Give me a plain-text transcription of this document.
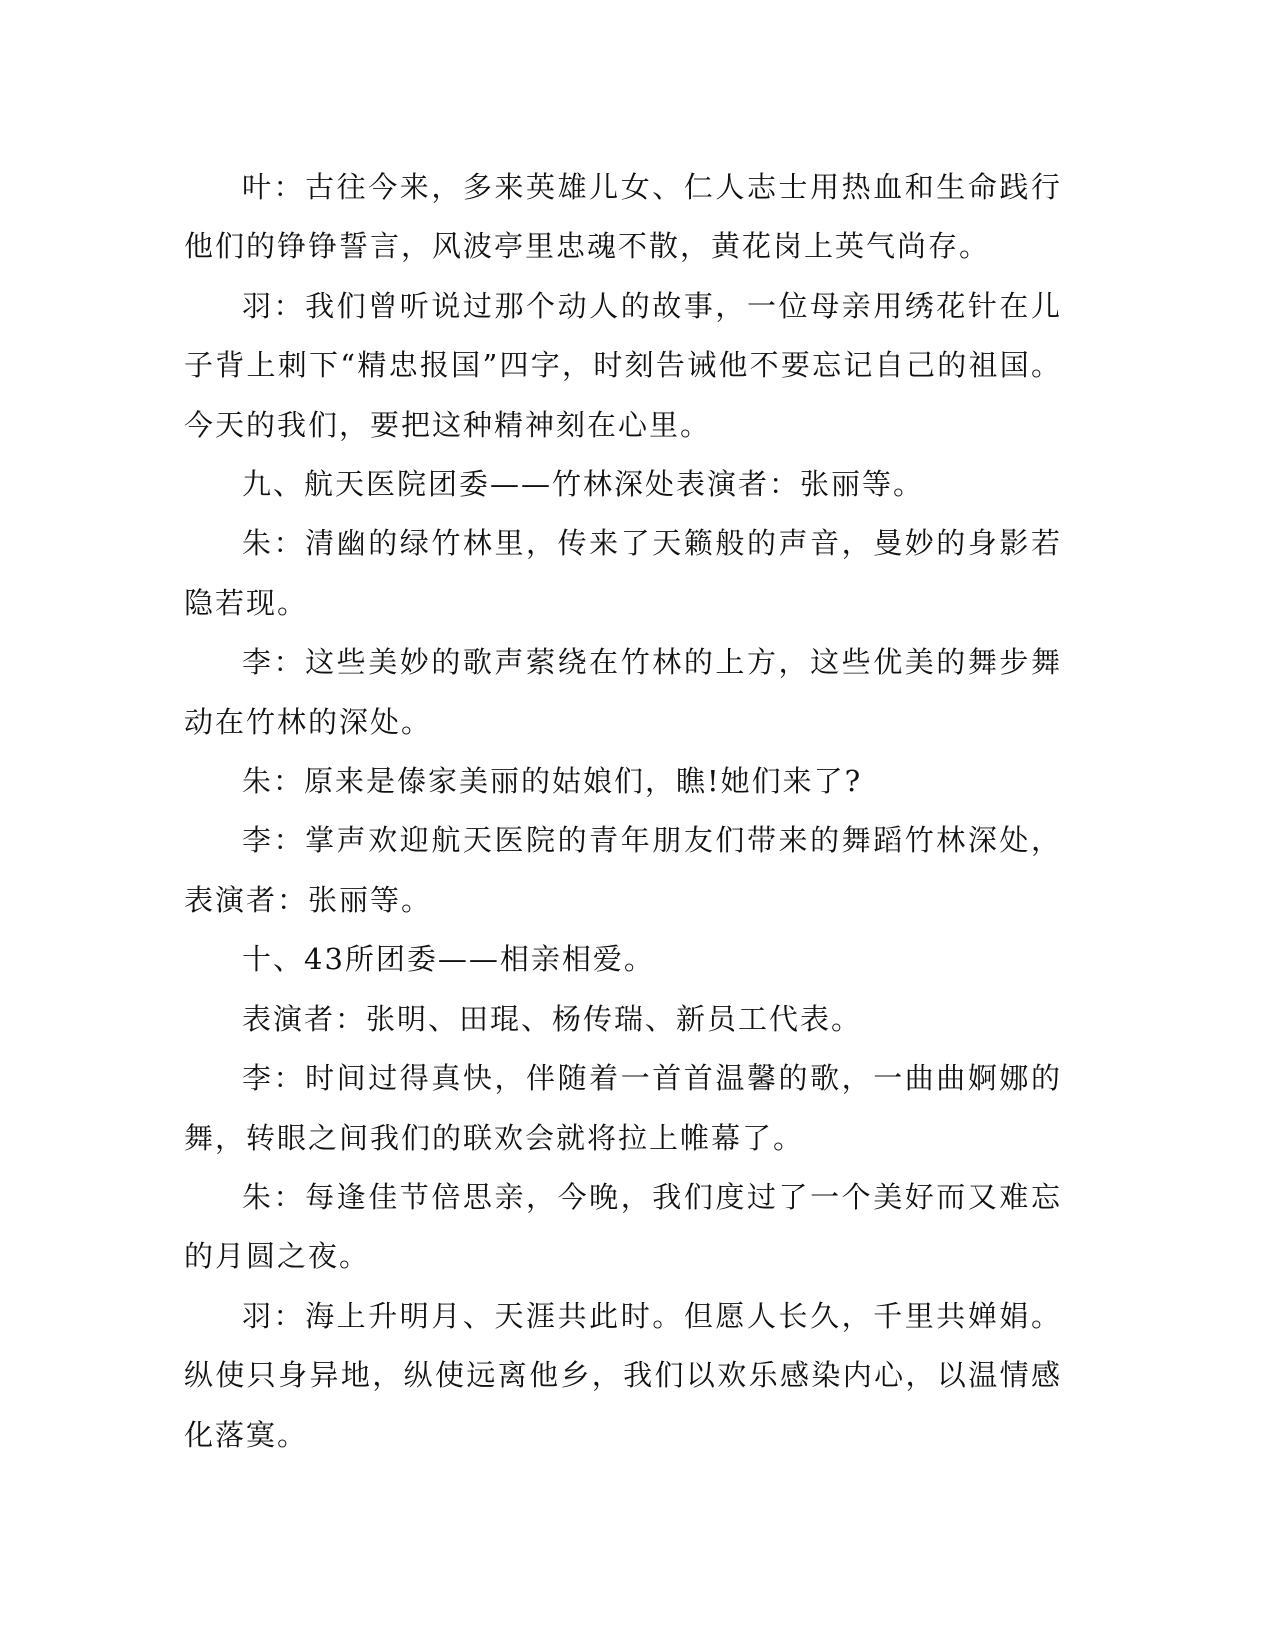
叶：古往今来，多来英雄儿女、仁人志士用热血和生命践行他们的铮铮誓言，风波亭里忠魂不散，黄花岗上英气尚存。

羽：我们曾听说过那个动人的故事，一位母亲用绣花针在儿子背上刺下“精忠报国”四字，时刻告诫他不要忘记自己的祖国。今天的我们，要把这种精神刻在心里。

九、航天医院团委——竹林深处表演者：张丽等。

朱：清幽的绿竹林里，传来了天籁般的声音，曼妙的身影若隐若现。

李：这些美妙的歌声萦绕在竹林的上方，这些优美的舞步舞动在竹林的深处。

朱：原来是傣家美丽的姑娘们，瞧!她们来了?

李：掌声欢迎航天医院的青年朋友们带来的舞蹈竹林深处，表演者：张丽等。

十、43所团委——相亲相爱。

表演者：张明、田琨、杨传瑞、新员工代表。

李：时间过得真快，伴随着一首首温馨的歌，一曲曲婀娜的舞，转眼之间我们的联欢会就将拉上帷幕了。

朱：每逢佳节倍思亲，今晚，我们度过了一个美好而又难忘的月圆之夜。

羽：海上升明月、天涯共此时。但愿人长久，千里共婵娟。纵使只身异地，纵使远离他乡，我们以欢乐感染内心，以温情感化落寞。
